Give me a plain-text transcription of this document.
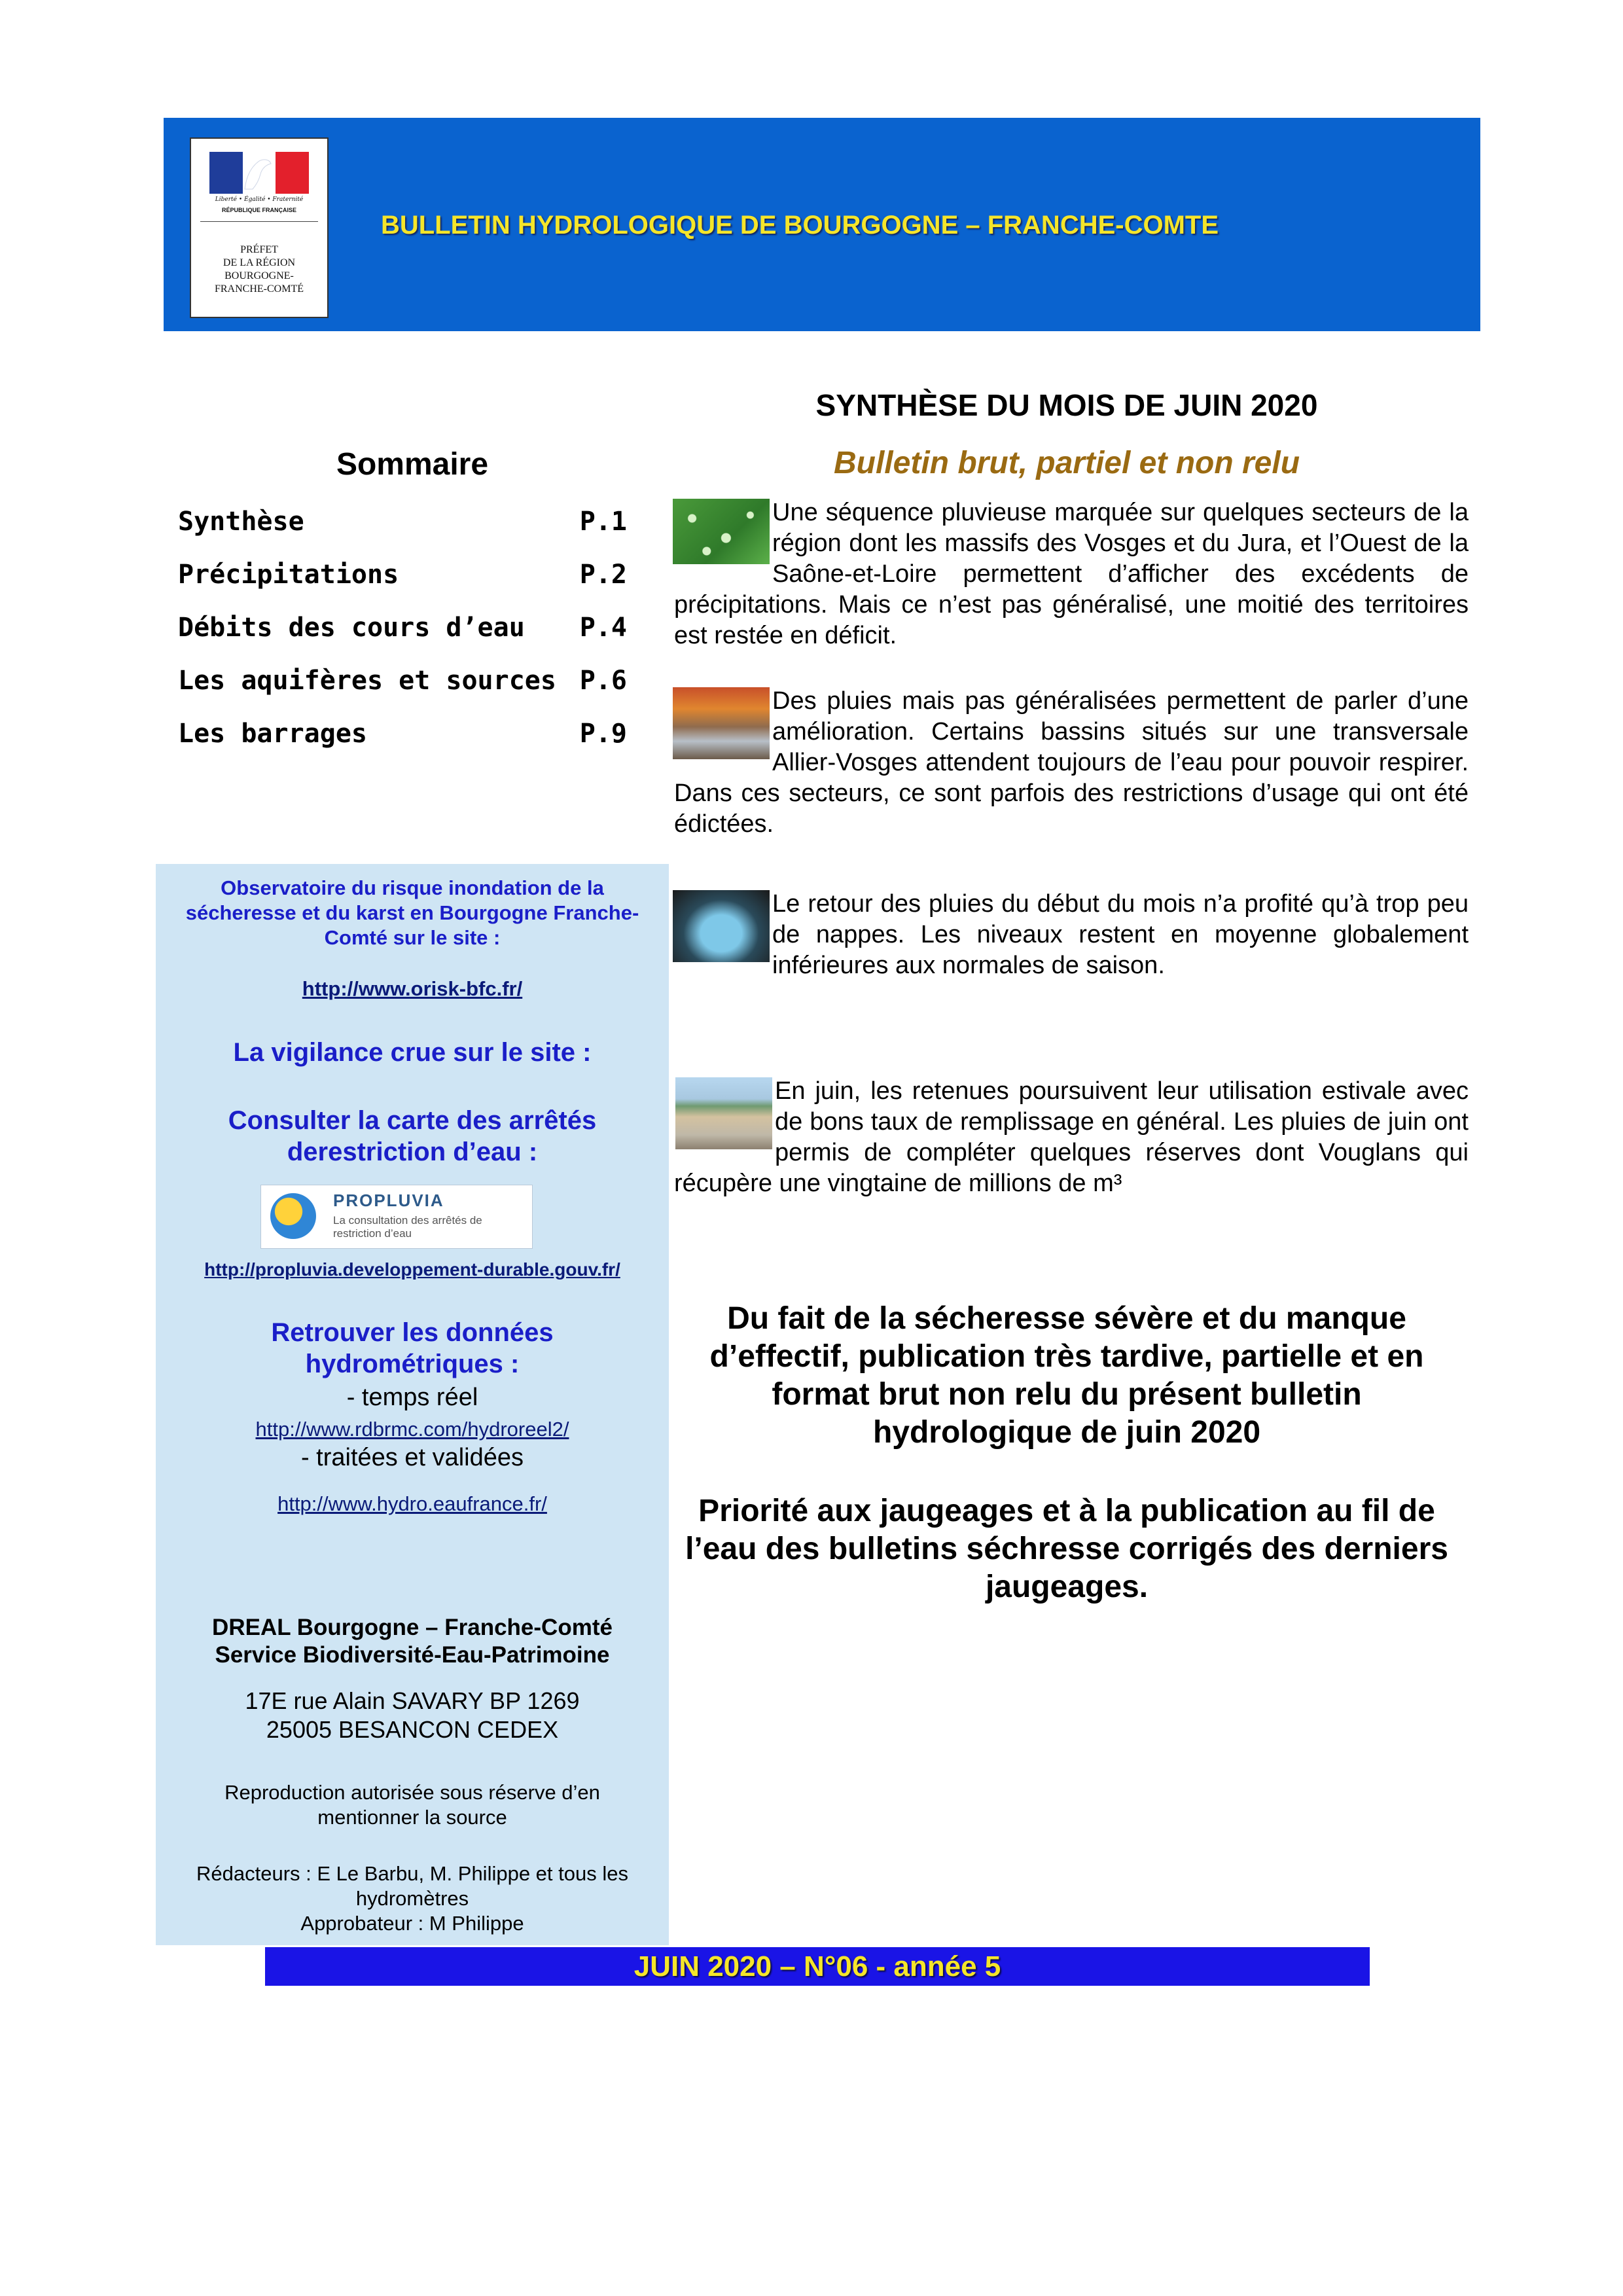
Liberté • Égalité • Fraternité
RÉPUBLIQUE FRANÇAISE
PRÉFET
DE LA RÉGION
BOURGOGNE-
FRANCHE-COMTÉ
BULLETIN HYDROLOGIQUE DE BOURGOGNE – FRANCHE-COMTE
SYNTHÈSE DU MOIS DE JUIN 2020
Bulletin brut, partiel et non relu
Sommaire
Synthèse	P.1
Précipitations	P.2
Débits des cours d’eau P.4
Les aquifères et sources P.6
Les barrages	P.9
Observatoire du risque inondation de la sécheresse et du karst en Bourgogne Franche-Comté sur le site :
http://www.orisk-bfc.fr/
La vigilance crue sur le site :
Consulter la carte des arrêtés derestriction d’eau :
PROPLUVIA
La consultation des arrêtés de restriction d’eau
http://propluvia.developpement-durable.gouv.fr/
Retrouver les données hydrométriques :
- temps réel
http://www.rdbrmc.com/hydroreel2/
- traitées et validées
http://www.hydro.eaufrance.fr/
DREAL Bourgogne – Franche-Comté
Service Biodiversité-Eau-Patrimoine
17E rue Alain SAVARY BP 1269
25005 BESANCON CEDEX
Reproduction autorisée sous réserve d’en mentionner la source
Rédacteurs : E Le Barbu, M. Philippe et tous les hydromètres
Approbateur : M Philippe
Une séquence pluvieuse marquée sur quelques secteurs de la région dont les massifs des Vosges et du Jura, et l’Ouest de la Saône-et-Loire permettent d’afficher des excédents de précipitations. Mais ce n’est pas généralisé, une moitié des territoires est restée en déficit.
Des pluies mais pas généralisées permettent de parler d’une amélioration. Certains bassins situés sur une transversale Allier-Vosges attendent toujours de l’eau pour pouvoir respirer. Dans ces secteurs, ce sont parfois des restrictions d’usage qui ont été édictées.
Le retour des pluies du début du mois n’a profité qu’à trop peu de nappes. Les niveaux restent en moyenne globalement inférieures aux normales de saison.
En juin, les retenues poursuivent leur utilisation estivale avec de bons taux de remplissage en général. Les pluies de juin ont permis de compléter quelques réserves dont Vouglans qui récupère une vingtaine de millions de m³
Du fait de la sécheresse sévère et du manque d’effectif, publication très tardive, partielle et en format brut non relu du présent bulletin hydrologique de juin 2020
Priorité aux jaugeages et à la publication au fil de l’eau des bulletins séchresse corrigés des derniers jaugeages.
JUIN 2020 – N°06 - année 5
